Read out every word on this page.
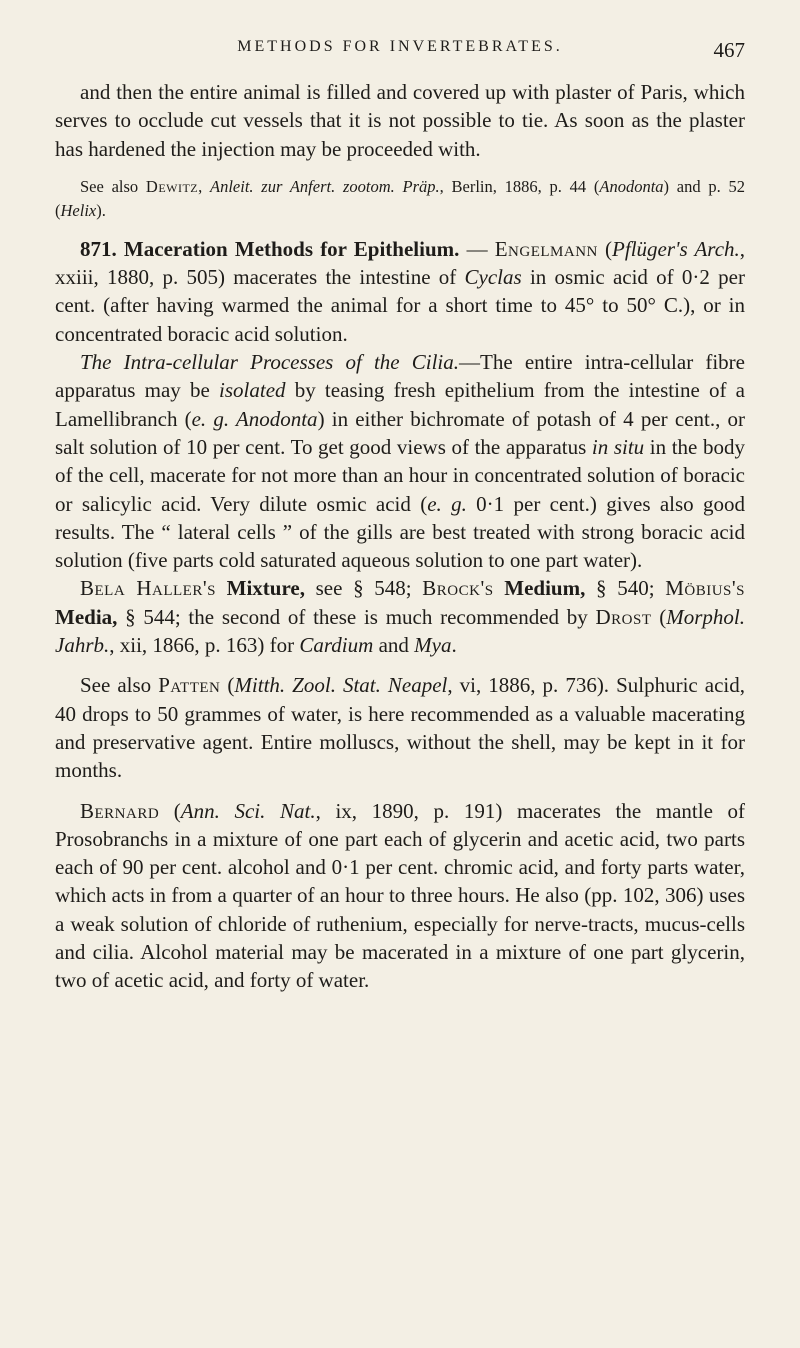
METHODS FOR INVERTEBRATES.	467

and then the entire animal is filled and covered up with plaster of Paris, which serves to occlude cut vessels that it is not possible to tie. As soon as the plaster has hardened the injection may be proceeded with.

See also Dewitz, Anleit. zur Anfert. zootom. Präp., Berlin, 1886, p. 44 (Anodonta) and p. 52 (Helix).

871. Maceration Methods for Epithelium. — Engelmann (Pflüger's Arch., xxiii, 1880, p. 505) macerates the intestine of Cyclas in osmic acid of 0·2 per cent. (after having warmed the animal for a short time to 45° to 50° C.), or in concentrated boracic acid solution.

The Intra-cellular Processes of the Cilia.—The entire intra-cellular fibre apparatus may be isolated by teasing fresh epithelium from the intestine of a Lamellibranch (e. g. Anodonta) in either bichromate of potash of 4 per cent., or salt solution of 10 per cent. To get good views of the apparatus in situ in the body of the cell, macerate for not more than an hour in concentrated solution of boracic or salicylic acid. Very dilute osmic acid (e. g. 0·1 per cent.) gives also good results. The “ lateral cells ” of the gills are best treated with strong boracic acid solution (five parts cold saturated aqueous solution to one part water).

Bela Haller's Mixture, see § 548; Brock's Medium, § 540; Möbius's Media, § 544; the second of these is much recommended by Drost (Morphol. Jahrb., xii, 1866, p. 163) for Cardium and Mya.

See also Patten (Mitth. Zool. Stat. Neapel, vi, 1886, p. 736). Sulphuric acid, 40 drops to 50 grammes of water, is here recommended as a valuable macerating and preservative agent. Entire molluscs, without the shell, may be kept in it for months.

Bernard (Ann. Sci. Nat., ix, 1890, p. 191) macerates the mantle of Prosobranchs in a mixture of one part each of glycerin and acetic acid, two parts each of 90 per cent. alcohol and 0·1 per cent. chromic acid, and forty parts water, which acts in from a quarter of an hour to three hours. He also (pp. 102, 306) uses a weak solution of chloride of ruthenium, especially for nerve-tracts, mucus-cells and cilia. Alcohol material may be macerated in a mixture of one part glycerin, two of acetic acid, and forty of water.
